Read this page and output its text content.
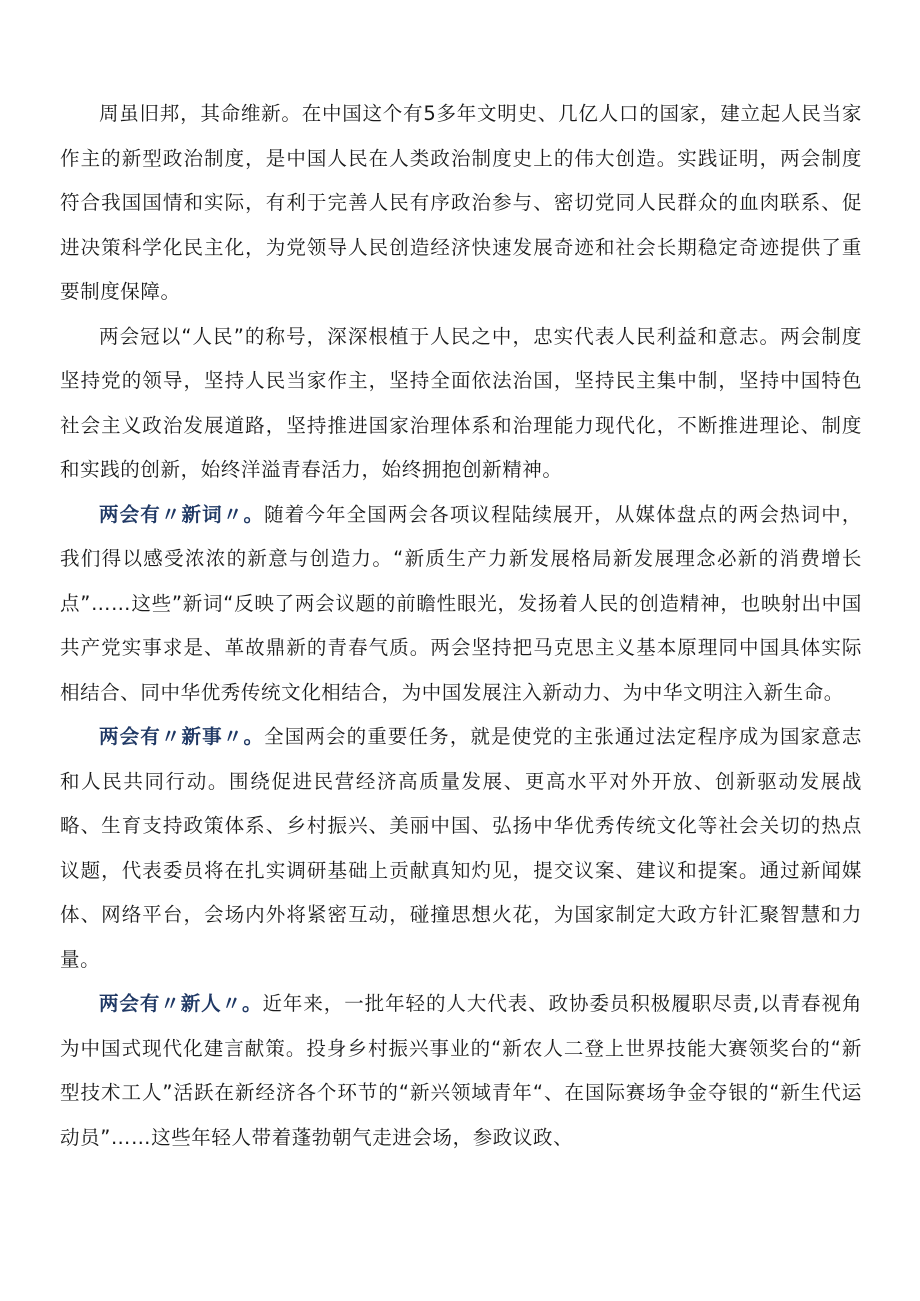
周虽旧邦，其命维新。在中国这个有5多年文明史、几亿人口的国家，建立起人民当家作主的新型政治制度，是中国人民在人类政治制度史上的伟大创造。实践证明，两会制度符合我国国情和实际，有利于完善人民有序政治参与、密切党同人民群众的血肉联系、促进决策科学化民主化，为党领导人民创造经济快速发展奇迹和社会长期稳定奇迹提供了重要制度保障。

两会冠以“人民”的称号，深深根植于人民之中，忠实代表人民利益和意志。两会制度坚持党的领导，坚持人民当家作主，坚持全面依法治国，坚持民主集中制，坚持中国特色社会主义政治发展道路，坚持推进国家治理体系和治理能力现代化，不断推进理论、制度和实践的创新，始终洋溢青春活力，始终拥抱创新精神。

两会有〃新词〃。随着今年全国两会各项议程陆续展开，从媒体盘点的两会热词中，我们得以感受浓浓的新意与创造力。“新质生产力新发展格局新发展理念必新的消费增长点”……这些”新词“反映了两会议题的前瞻性眼光，发扬着人民的创造精神，也映射出中国共产党实事求是、革故鼎新的青春气质。两会坚持把马克思主义基本原理同中国具体实际相结合、同中华优秀传统文化相结合，为中国发展注入新动力、为中华文明注入新生命。

两会有〃新事〃。全国两会的重要任务，就是使党的主张通过法定程序成为国家意志和人民共同行动。围绕促进民营经济高质量发展、更高水平对外开放、创新驱动发展战略、生育支持政策体系、乡村振兴、美丽中国、弘扬中华优秀传统文化等社会关切的热点议题，代表委员将在扎实调研基础上贡献真知灼见，提交议案、建议和提案。通过新闻媒体、网络平台，会场内外将紧密互动，碰撞思想火花，为国家制定大政方针汇聚智慧和力量。

两会有〃新人〃。近年来，一批年轻的人大代表、政协委员积极履职尽责,以青春视角为中国式现代化建言献策。投身乡村振兴事业的“新农人二登上世界技能大赛领奖台的“新型技术工人”活跃在新经济各个环节的“新兴领域青年“、在国际赛场争金夺银的“新生代运动员”……这些年轻人带着蓬勃朝气走进会场，参政议政、
